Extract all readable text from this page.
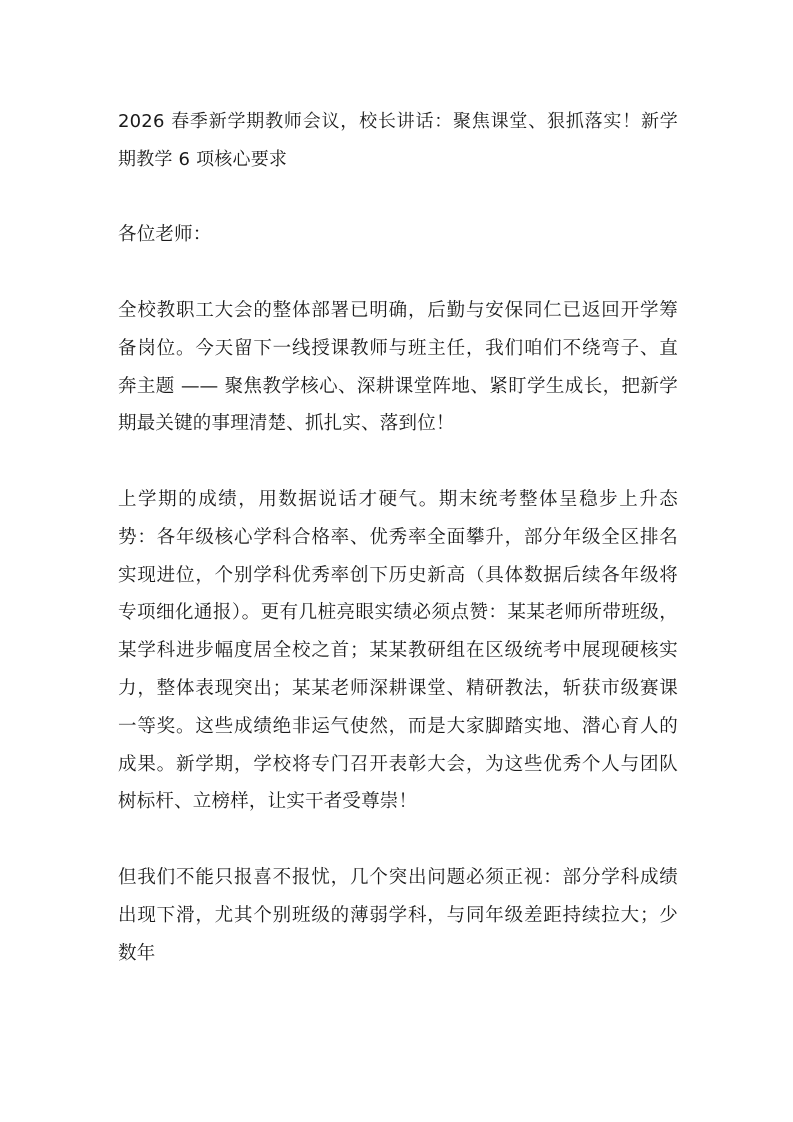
2026 春季新学期教师会议，校长讲话：聚焦课堂、狠抓落实！新学期教学 6 项核心要求

各位老师：

全校教职工大会的整体部署已明确，后勤与安保同仁已返回开学筹备岗位。今天留下一线授课教师与班主任，我们咱们不绕弯子、直奔主题 —— 聚焦教学核心、深耕课堂阵地、紧盯学生成长，把新学期最关键的事理清楚、抓扎实、落到位！

上学期的成绩，用数据说话才硬气。期末统考整体呈稳步上升态势：各年级核心学科合格率、优秀率全面攀升，部分年级全区排名实现进位，个别学科优秀率创下历史新高（具体数据后续各年级将专项细化通报）。更有几桩亮眼实绩必须点赞：某某老师所带班级，某学科进步幅度居全校之首；某某教研组在区级统考中展现硬核实力，整体表现突出；某某老师深耕课堂、精研教法，斩获市级赛课一等奖。这些成绩绝非运气使然，而是大家脚踏实地、潜心育人的成果。新学期，学校将专门召开表彰大会，为这些优秀个人与团队树标杆、立榜样，让实干者受尊崇！

但我们不能只报喜不报忧，几个突出问题必须正视：部分学科成绩出现下滑，尤其个别班级的薄弱学科，与同年级差距持续拉大；少数年
